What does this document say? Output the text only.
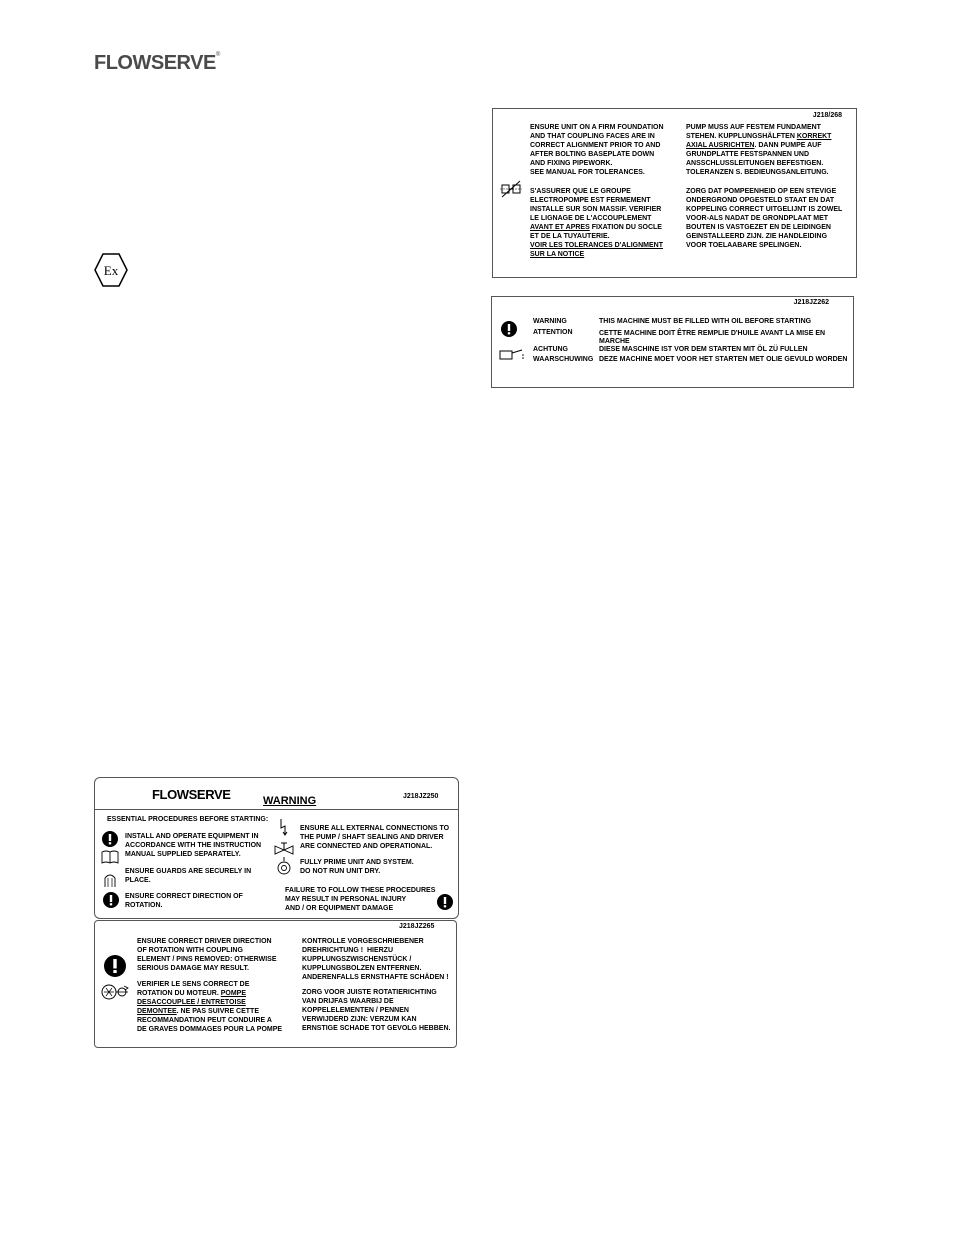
FLOWSERVE®
Ex
J218/268
ENSURE UNIT ON A FIRM FOUNDATION
AND THAT COUPLING FACES ARE IN
CORRECT ALIGNMENT PRIOR TO AND
AFTER BOLTING BASEPLATE DOWN
AND FIXING PIPEWORK.
SEE MANUAL FOR TOLERANCES.
PUMP MUSS AUF FESTEM FUNDAMENT
STEHEN. KUPPLUNGSHÄLFTEN KORREKT
AXIAL AUSRICHTEN. DANN PUMPE AUF
GRUNDPLATTE FESTSPANNEN UND
ANSSCHLUSSLEITUNGEN BEFESTIGEN.
TOLERANZEN S. BEDIEUNGSANLEITUNG.
S'ASSURER QUE LE GROUPE
ELECTROPOMPE EST FERMEMENT
INSTALLE SUR SON MASSIF. VERIFIER
LE LIGNAGE DE L'ACCOUPLEMENT
AVANT ET APRES FIXATION DU SOCLE
ET DE LA TUYAUTERIE.
VOIR LES TOLERANCES D'ALIGNMENT
SUR LA NOTICE
ZORG DAT POMPEENHEID OP EEN STEVIGE
ONDERGROND OPGESTELD STAAT EN DAT
KOPPELING CORRECT UITGELIJNT IS ZOWEL
VOOR-ALS NADAT DE GRONDPLAAT MET
BOUTEN IS VASTGEZET EN DE LEIDINGEN
GEINSTALLEERD ZIJN. ZIE HANDLEIDING
VOOR TOELAABARE SPELINGEN.
J218JZ262
WARNING	THIS MACHINE MUST BE FILLED WITH OIL BEFORE STARTING
ATTENTION	CETTE MACHINE DOIT ÊTRE REMPLIE D'HUILE AVANT LA MISE EN
MARCHE
ACHTUNG	DIESE MASCHINE IST VOR DEM STARTEN MIT ÖL ZÜ FULLEN
WAARSCHUWING DEZE MACHINE MOET VOOR HET STARTEN MET OLIE GEVULD WORDEN
FLOWSERVE	WARNING	J218JZ250
ESSENTIAL PROCEDURES BEFORE STARTING:
INSTALL AND OPERATE EQUIPMENT IN
ACCORDANCE WITH THE INSTRUCTION
MANUAL SUPPLIED SEPARATELY.
ENSURE GUARDS ARE SECURELY IN
PLACE.
ENSURE CORRECT DIRECTION OF
ROTATION.
ENSURE ALL EXTERNAL CONNECTIONS TO
THE PUMP / SHAFT SEALING AND DRIVER
ARE CONNECTED AND OPERATIONAL.
FULLY PRIME UNIT AND SYSTEM.
DO NOT RUN UNIT DRY.
FAILURE TO FOLLOW THESE PROCEDURES
MAY RESULT IN PERSONAL INJURY
AND / OR EQUIPMENT DAMAGE
J218JZ265
ENSURE CORRECT DRIVER DIRECTION
OF ROTATION WITH COUPLING
ELEMENT / PINS REMOVED: OTHERWISE
SERIOUS DAMAGE MAY RESULT.
VERIFIER LE SENS CORRECT DE
ROTATION DU MOTEUR. POMPE
DESACCOUPLEE / ENTRETOISE
DEMONTEE. NE PAS SUIVRE CETTE
RECOMMANDATION PEUT CONDUIRE A
DE GRAVES DOMMAGES POUR LA POMPE
KONTROLLE VORGESCHRIEBENER
DREHRICHTUNG !  HIERZU
KUPPLUNGSZWISCHENSTÜCK /
KUPPLUNGSBOLZEN ENTFERNEN.
ANDERENFALLS ERNSTHAFTE SCHÄDEN !
ZORG VOOR JUISTE ROTATIERICHTING
VAN DRIJFAS WAARBIJ DE
KOPPELELEMENTEN / PENNEN
VERWIJDERD ZIJN: VERZUM KAN
ERNSTIGE SCHADE TOT GEVOLG HEBBEN.
